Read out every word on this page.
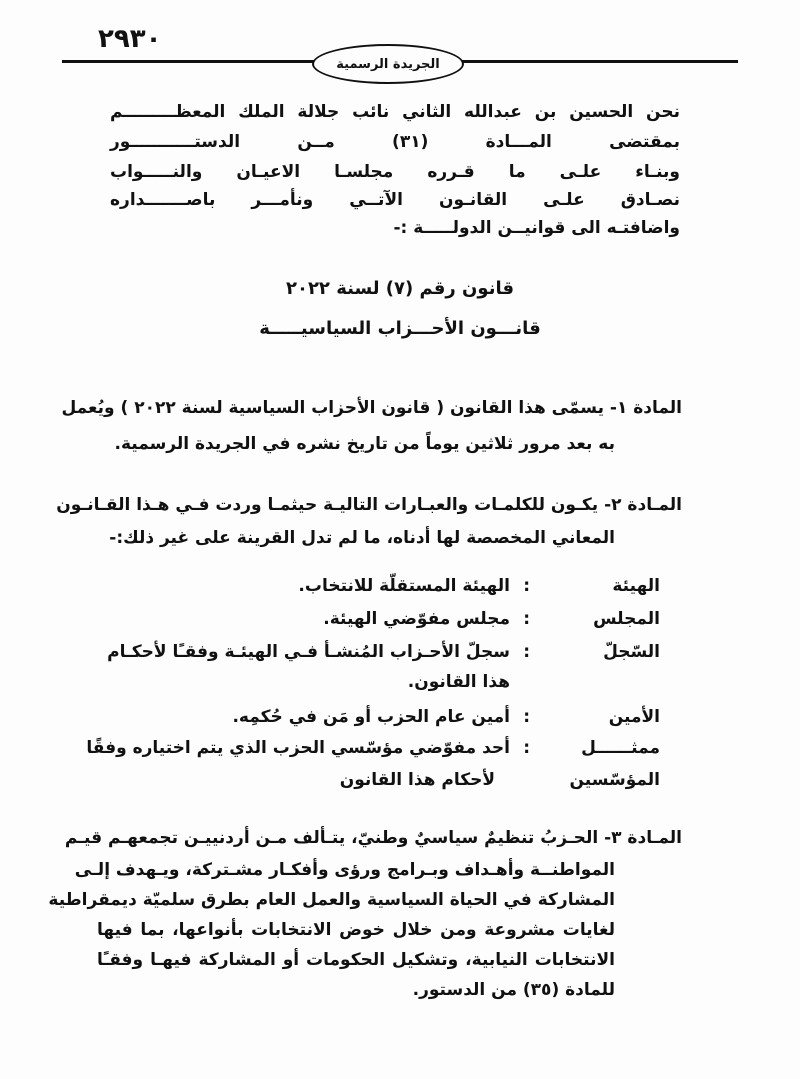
٢٩٣٠
الجريدة الرسمية
نحن الحسين بن عبدالله الثاني نائب جلالة الملك المعظـــــــــم
بمقتضى المـــادة (٣١) مــن الدستـــــــــــور
وبنـاء علـى ما قـرره مجلسـا الاعيـان والنـــــواب
نصـادق علـى القانـون الآتــي ونأمـــر باصـــــــداره
واضافتـه الى قوانيــن الدولـــــة :-
قانون رقم (٧) لسنة ٢٠٢٢
قانـــون الأحـــزاب السياسيـــــة
المادة ١- يسمّى هذا القانون ( قانون الأحزاب السياسية لسنة ٢٠٢٢ ) ويُعمل
به بعد مرور ثلاثين يوماً من تاريخ نشره في الجريدة الرسمية.
المـادة ٢- يكـون للكلمـات والعبـارات التاليـة حيثمـا وردت فـي هـذا القـانـون
المعاني المخصصة لها أدناه، ما لم تدل القرينة على غير ذلك:-
الهيئة
:
الهيئة المستقلّة للانتخاب.
المجلس
:
مجلس مفوّضي الهيئة.
السّجلّ
:
سجلّ الأحـزاب المُنشـأ فـي الهيئـة وفقـًا لأحكـام
هذا القانون.
الأمين
:
أمين عام الحزب أو مَن في حُكمِه.
ممثــــــل
:
أحد مفوّضي مؤسّسي الحزب الذي يتم اختياره وفقًا
المؤسّسين
لأحكام هذا القانون
المـادة ٣- الحـزبُ تنظيمٌ سياسيٌ وطنيّ، يتـألف مـن أردنييـن تجمعهـم قيـم
المواطنــة وأهـداف وبـرامج ورؤى وأفكـار مشـتركة، ويـهدف إلـى
المشاركة في الحياة السياسية والعمل العام بطرق سلميّة ديمقراطية
لغايات مشروعة ومن خلال خوض الانتخابات بأنواعها، بما فيها
الانتخابات النيابية، وتشكيل الحكومات أو المشاركة فيهـا وفقـًا
للمادة (٣٥) من الدستور.
